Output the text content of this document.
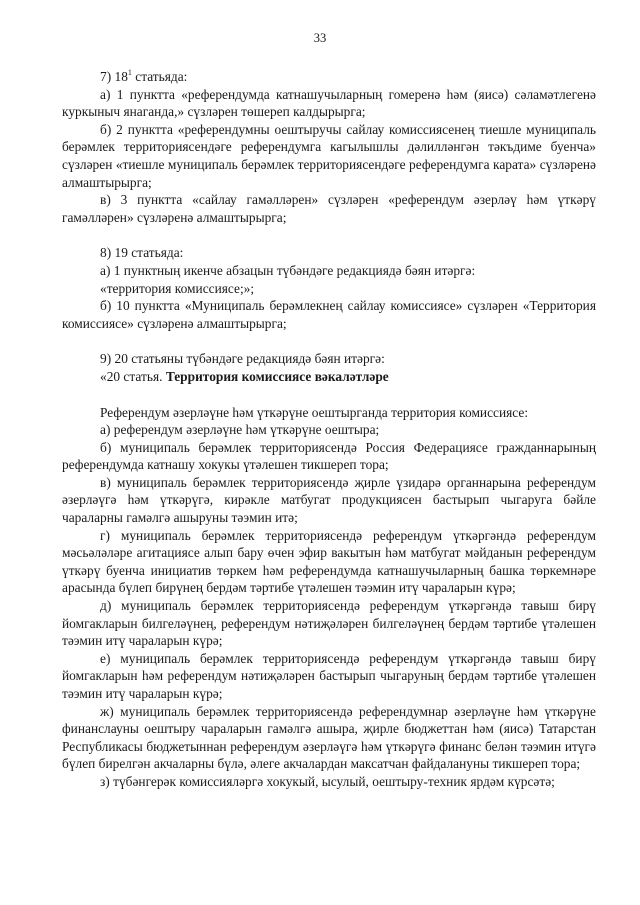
33

7) $18^1$ статьяда:

а) 1 пунктта «референдумда катнашучыларның гомеренә һәм (яисә) сәламәтлегенә куркыныч янаганда,» сүзләрен төшереп калдырырга;

б) 2 пунктта «референдумны оештыручы сайлау комиссиясенең тиешле муниципаль берәмлек территориясендәге референдумга кагылышлы дәлилләнгән тәкъдиме буенча» сүзләрен «тиешле муниципаль берәмлек территориясендәге референдумга карата» сүзләренә алмаштырырга;

в) 3 пунктта «сайлау гамәлләрен» сүзләрен «референдум әзерләү һәм үткәрү гамәлләрен» сүзләренә алмаштырырга;

8) 19 статьяда:

а) 1 пунктның икенче абзацын түбәндәге редакциядә бәян итәргә:

«территория комиссиясе;»;

б) 10 пунктта «Муниципаль берәмлекнең сайлау комиссиясе» сүзләрен «Территория комиссиясе» сүзләренә алмаштырырга;

9) 20 статьяны түбәндәге редакциядә бәян итәргә:

«20 статья. Территория комиссиясе вәкаләтләре

Референдум әзерләүне һәм үткәрүне оештырганда территория комиссиясе:

а) референдум әзерләүне һәм үткәрүне оештыра;

б) муниципаль берәмлек территориясендә Россия Федерациясе гражданнарының референдумда катнашу хокукы үтәлешен тикшереп тора;

в) муниципаль берәмлек территориясендә җирле үзидарә органнарына референдум әзерләүгә һәм үткәрүгә, кирәкле матбугат продукциясен бастырып чыгаруга бәйле чараларны гамәлгә ашыруны тәэмин итә;

г) муниципаль берәмлек территориясендә референдум үткәргәндә референдум мәсьәләләре агитациясе алып бару өчен эфир вакытын һәм матбугат мәйданын референдум үткәрү буенча инициатив төркем һәм референдумда катнашучыларның башка төркемнәре арасында бүлеп бирүнең бердәм тәртибе үтәлешен тәэмин итү чараларын күрә;

д) муниципаль берәмлек территориясендә референдум үткәргәндә тавыш бирү йомгакларын билгеләүнең, референдум нәтиҗәләрен билгеләүнең бердәм тәртибе үтәлешен тәэмин итү чараларын күрә;

е) муниципаль берәмлек территориясендә референдум үткәргәндә тавыш бирү йомгакларын һәм референдум нәтиҗәләрен бастырып чыгаруның бердәм тәртибе үтәлешен тәэмин итү чараларын күрә;

ж) муниципаль берәмлек территориясендә референдумнар әзерләүне һәм үткәрүне финанслауны оештыру чараларын гамәлгә ашыра, җирле бюджеттан һәм (яисә) Татарстан Республикасы бюджетыннан референдум әзерләүгә һәм үткәрүгә финанс белән тәэмин итүгә бүлеп бирелгән акчаларны бүлә, әлеге акчалардан максатчан файдалануны тикшереп тора;

з) түбәнгерәк комиссияләргә хокукый, ысулый, оештыру-техник ярдәм күрсәтә;
